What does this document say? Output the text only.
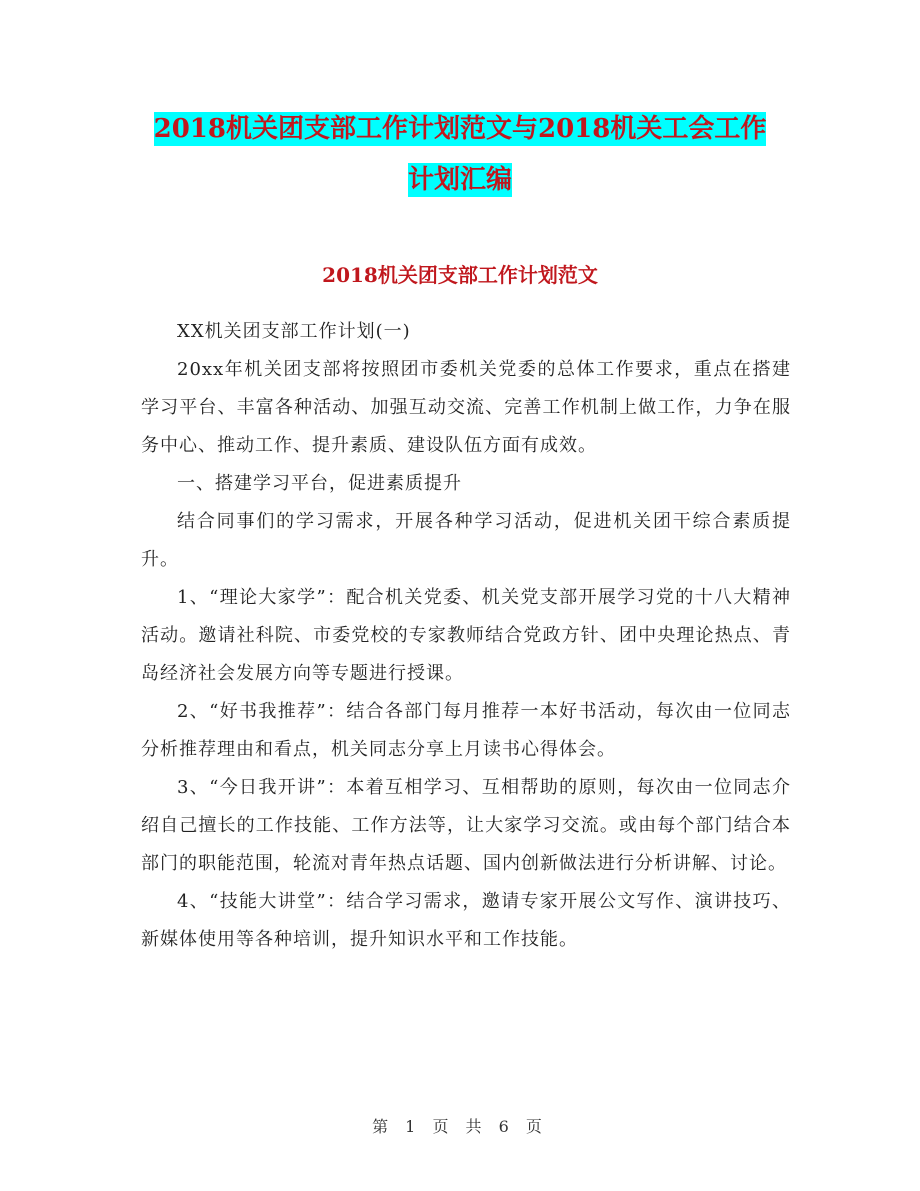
2018机关团支部工作计划范文与2018机关工会工作
计划汇编
2018机关团支部工作计划范文

XX机关团支部工作计划(一)

20xx年机关团支部将按照团市委机关党委的总体工作要求，重点在搭建学习平台、丰富各种活动、加强互动交流、完善工作机制上做工作，力争在服务中心、推动工作、提升素质、建设队伍方面有成效。

一、搭建学习平台，促进素质提升

结合同事们的学习需求，开展各种学习活动，促进机关团干综合素质提升。

1、“理论大家学”：配合机关党委、机关党支部开展学习党的十八大精神活动。邀请社科院、市委党校的专家教师结合党政方针、团中央理论热点、青岛经济社会发展方向等专题进行授课。

2、“好书我推荐”：结合各部门每月推荐一本好书活动，每次由一位同志分析推荐理由和看点，机关同志分享上月读书心得体会。

3、“今日我开讲”：本着互相学习、互相帮助的原则，每次由一位同志介绍自己擅长的工作技能、工作方法等，让大家学习交流。或由每个部门结合本部门的职能范围，轮流对青年热点话题、国内创新做法进行分析讲解、讨论。

4、“技能大讲堂”：结合学习需求，邀请专家开展公文写作、演讲技巧、新媒体使用等各种培训，提升知识水平和工作技能。

第 1 页 共 6 页
